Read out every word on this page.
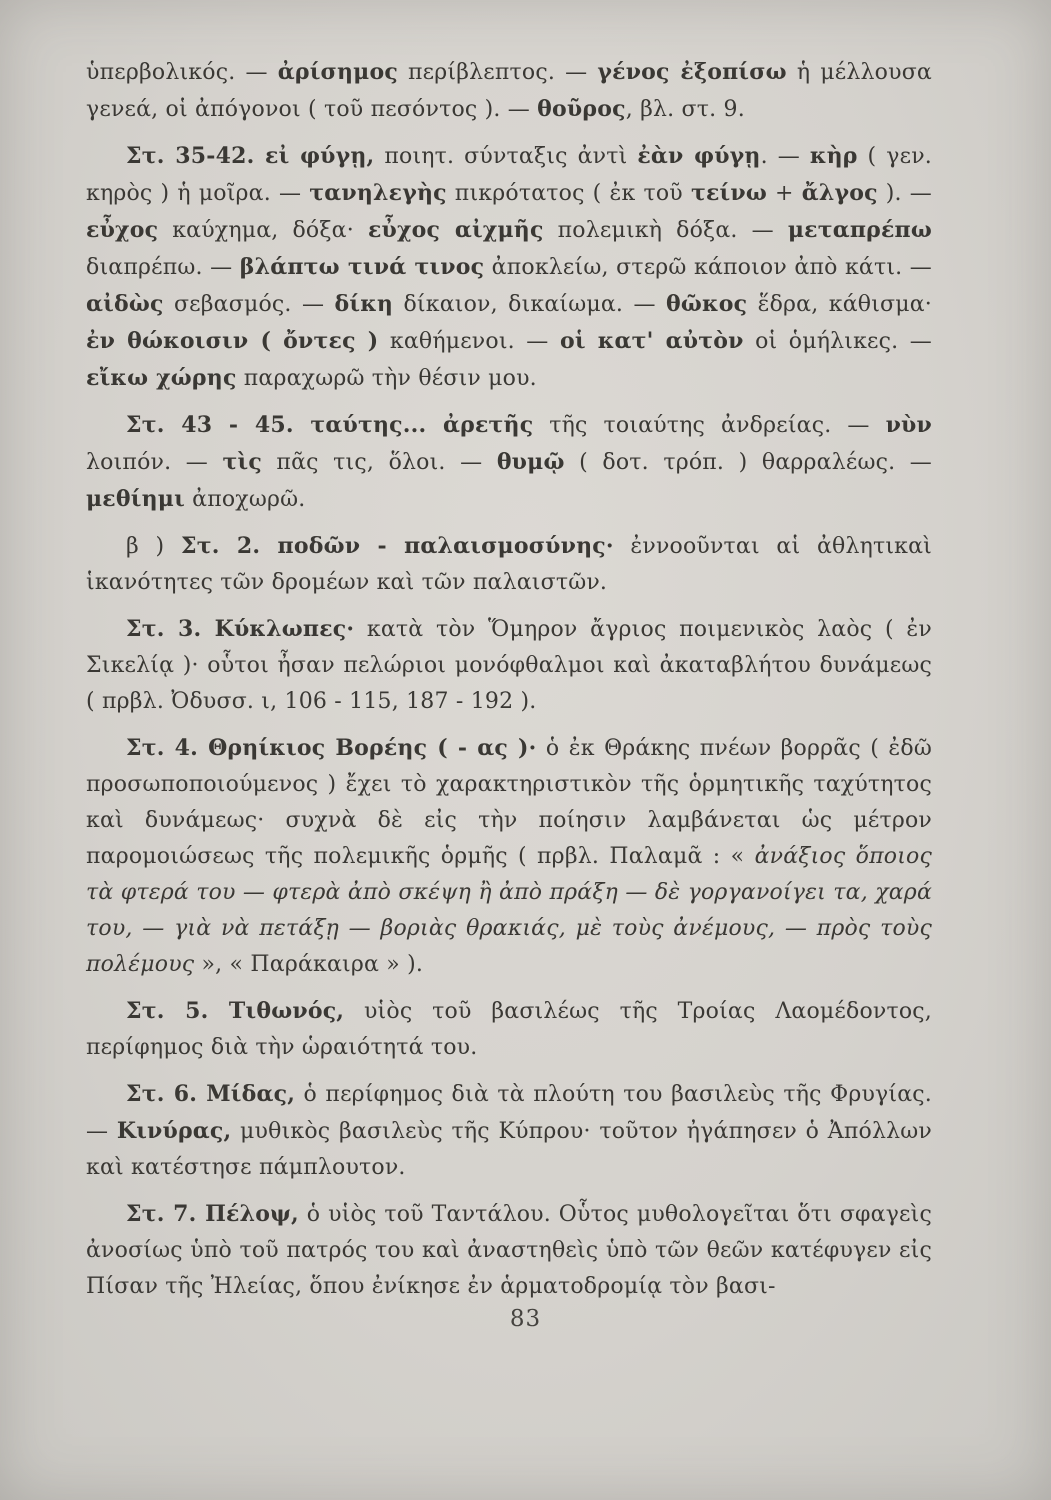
ὑπερβολικός. — ἀρίσημος περίβλεπτος. — γένος ἐξοπίσω ἡ μέλλουσα γενεά, οἱ ἀπόγονοι ( τοῦ πεσόντος ). — θοῦρος, βλ. στ. 9.

Στ. 35-42. εἰ φύγῃ, ποιητ. σύνταξις ἀντὶ ἐὰν φύγῃ. — κὴρ ( γεν. κηρὸς ) ἡ μοῖρα. — τανηλεγὴς πικρότατος ( ἐκ τοῦ τείνω + ἄλγος ). — εὖχος καύχημα, δόξα· εὖχος αἰχμῆς πολεμικὴ δόξα. — μεταπρέπω διαπρέπω. — βλάπτω τινά τινος ἀποκλείω, στερῶ κάποιον ἀπὸ κάτι. — αἰδὼς σεβασμός. — δίκη δίκαιον, δικαίωμα. — θῶκος ἕδρα, κάθισμα· ἐν θώκοισιν ( ὄντες ) καθήμενοι. — οἱ κατ' αὐτὸν οἱ ὁμήλικες. — εἴκω χώρης παραχωρῶ τὴν θέσιν μου.

Στ. 43 - 45. ταύτης... ἀρετῆς τῆς τοιαύτης ἀνδρείας. — νὺν λοιπόν. — τὶς πᾶς τις, ὅλοι. — θυμῷ ( δοτ. τρόπ. ) θαρραλέως. — μεθίημι ἀποχωρῶ.

β ) Στ. 2. ποδῶν - παλαισμοσύνης· ἐννοοῦνται αἱ ἀθλητικαὶ ἱκανότητες τῶν δρομέων καὶ τῶν παλαιστῶν.

Στ. 3. Κύκλωπες· κατὰ τὸν Ὅμηρον ἄγριος ποιμενικὸς λαὸς ( ἐν Σικελίᾳ )· οὗτοι ἦσαν πελώριοι μονόφθαλμοι καὶ ἀκαταβλήτου δυνάμεως ( πρβλ. Ὀδυσσ. ι, 106 - 115, 187 - 192 ).

Στ. 4. Θρηίκιος Βορέης ( - ας )· ὁ ἐκ Θράκης πνέων βορρᾶς ( ἐδῶ προσωποποιούμενος ) ἔχει τὸ χαρακτηριστικὸν τῆς ὁρμητικῆς ταχύτητος καὶ δυνάμεως· συχνὰ δὲ εἰς τὴν ποίησιν λαμβάνεται ὡς μέτρον παρομοιώσεως τῆς πολεμικῆς ὁρμῆς ( πρβλ. Παλαμᾶ : « ἀνάξιος ὅποιος τὰ φτερά του — φτερὰ ἀπὸ σκέψη ἢ ἀπὸ πράξη — δὲ γοργανοίγει τα, χαρά του, — γιὰ νὰ πετάξῃ — βοριὰς θρακιάς, μὲ τοὺς ἀνέμους, — πρὸς τοὺς πολέμους », « Παράκαιρα » ).

Στ. 5. Τιθωνός, υἱὸς τοῦ βασιλέως τῆς Τροίας Λαομέδοντος, περίφημος διὰ τὴν ὡραιότητά του.

Στ. 6. Μίδας, ὁ περίφημος διὰ τὰ πλούτη του βασιλεὺς τῆς Φρυγίας. — Κινύρας, μυθικὸς βασιλεὺς τῆς Κύπρου· τοῦτον ἠγάπησεν ὁ Ἀπόλλων καὶ κατέστησε πάμπλουτον.

Στ. 7. Πέλοψ, ὁ υἱὸς τοῦ Ταντάλου. Οὗτος μυθολογεῖται ὅτι σφαγεὶς ἀνοσίως ὑπὸ τοῦ πατρός του καὶ ἀναστηθεὶς ὑπὸ τῶν θεῶν κατέφυγεν εἰς Πίσαν τῆς Ἠλείας, ὅπου ἐνίκησε ἐν ἁρματοδρομίᾳ τὸν βασι-

83
